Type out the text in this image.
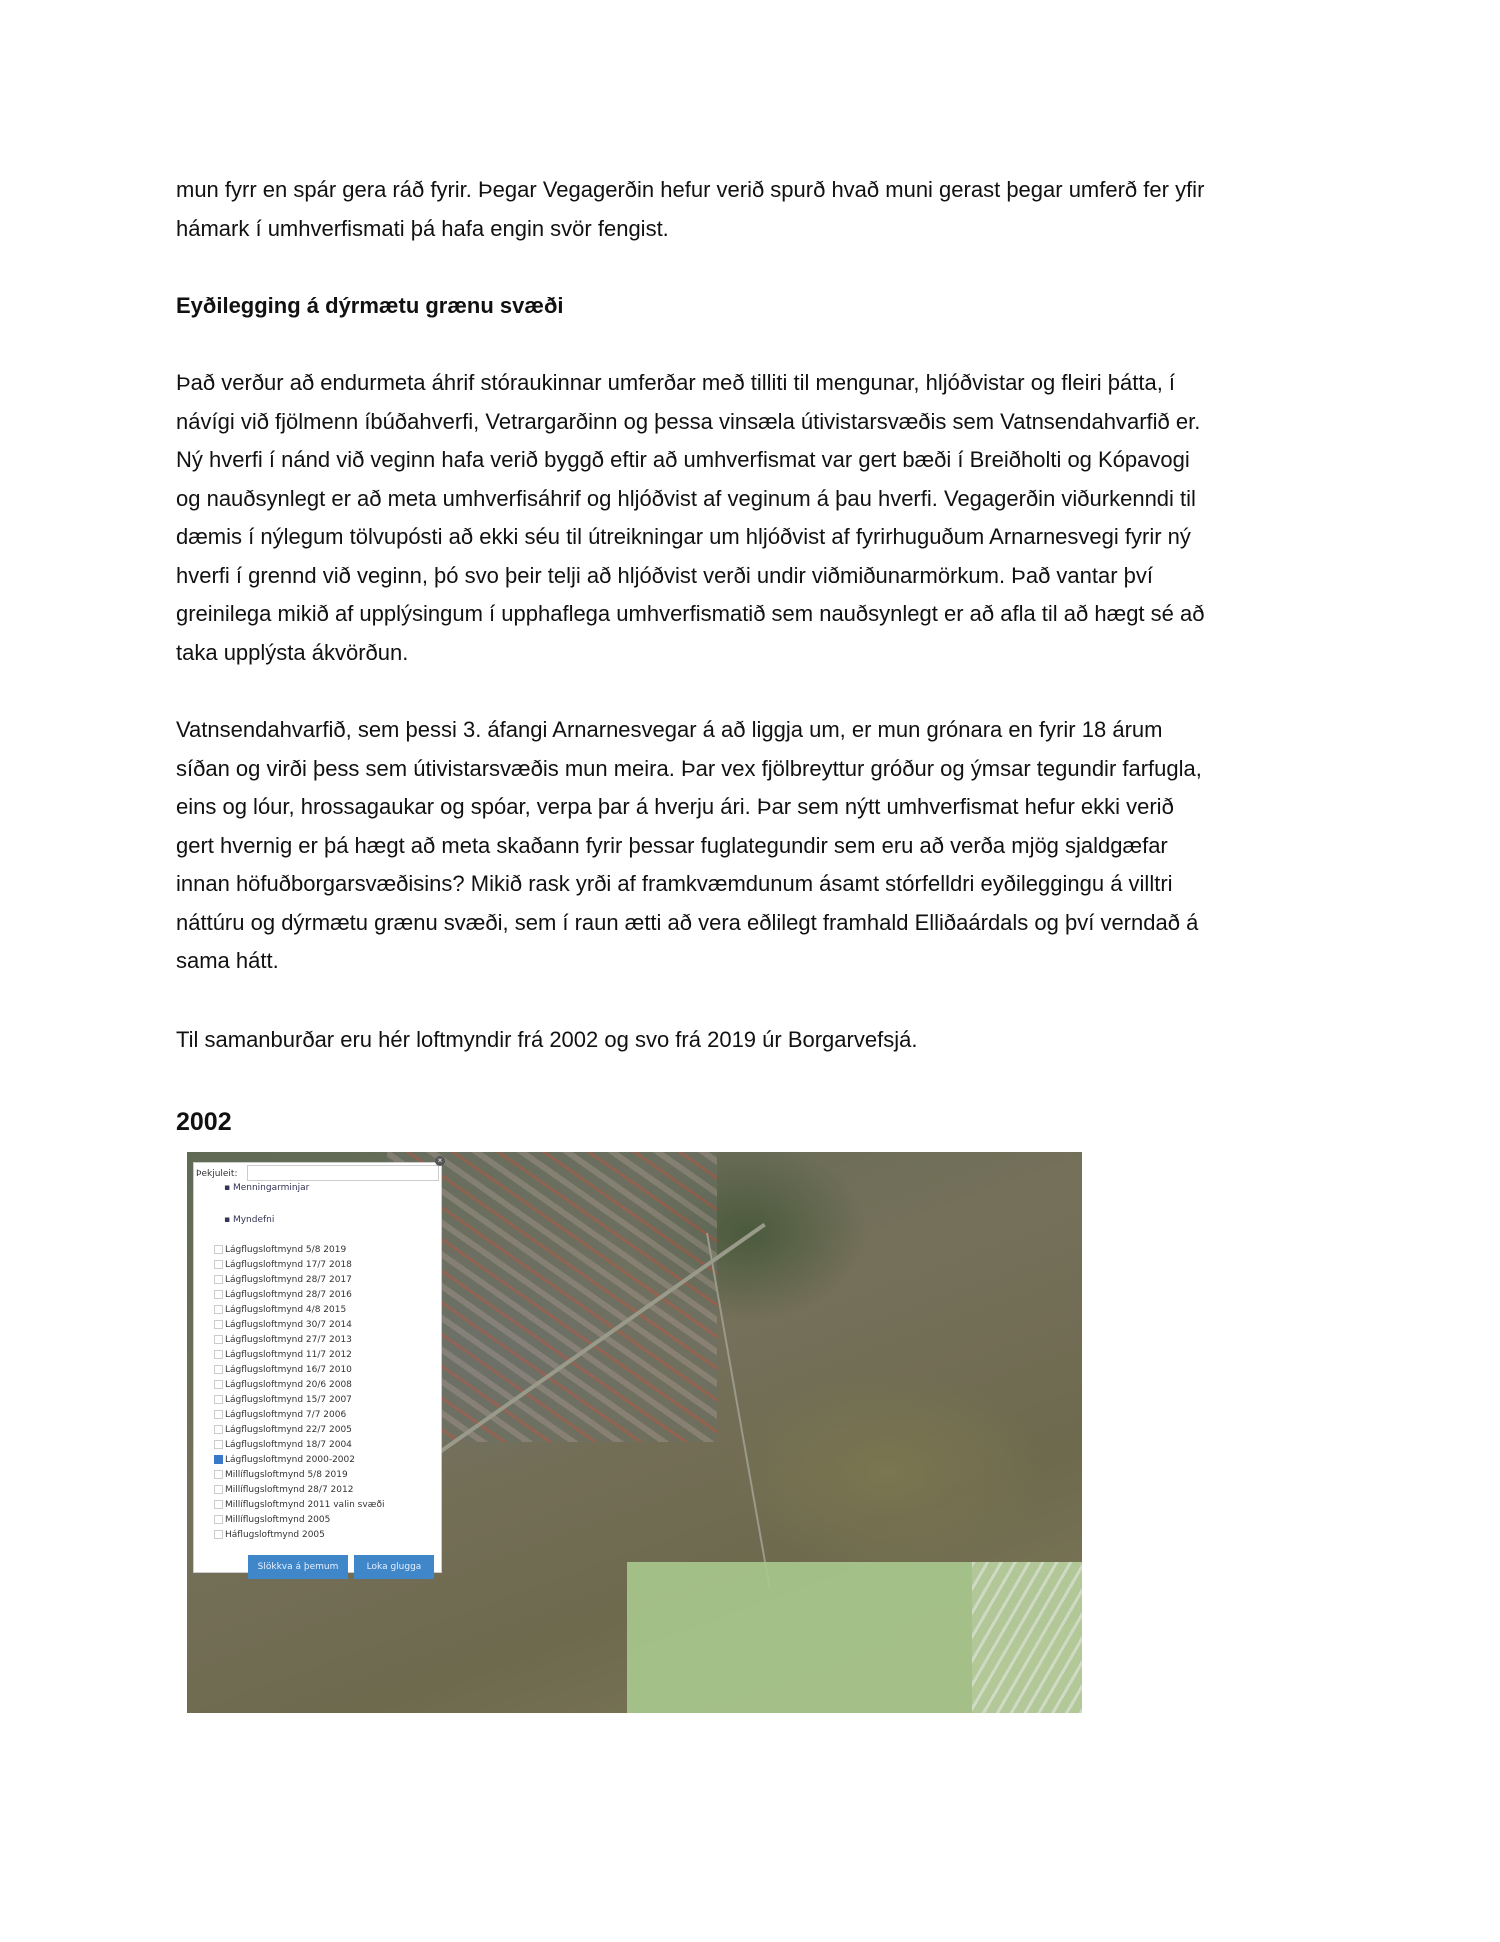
mun fyrr en spár gera ráð fyrir. Þegar Vegagerðin hefur verið spurð hvað muni gerast þegar umferð fer yfir
hámark í umhverfismati þá hafa engin svör fengist.
Eyðilegging á dýrmætu grænu svæði
Það verður að endurmeta áhrif stóraukinnar umferðar með tilliti til mengunar, hljóðvistar og fleiri þátta, í
návígi við fjölmenn íbúðahverfi, Vetrargarðinn og þessa vinsæla útivistarsvæðis sem Vatnsendahvarfið er.
Ný hverfi í nánd við veginn hafa verið byggð eftir að umhverfismat var gert bæði í Breiðholti og Kópavogi
og nauðsynlegt er að meta umhverfisáhrif og hljóðvist af veginum á þau hverfi. Vegagerðin viðurkenndi til
dæmis í nýlegum tölvupósti að ekki séu til útreikningar um hljóðvist af fyrirhuguðum Arnarnesvegi fyrir ný
hverfi í grennd við veginn, þó svo þeir telji að hljóðvist verði undir viðmiðunarmörkum. Það vantar því
greinilega mikið af upplýsingum í upphaflega umhverfismatið sem nauðsynlegt er að afla til að hægt sé að
taka upplýsta ákvörðun.
Vatnsendahvarfið, sem þessi 3. áfangi Arnarnesvegar á að liggja um, er mun grónara en fyrir 18 árum
síðan og virði þess sem útivistarsvæðis mun meira. Þar vex fjölbreyttur gróður og ýmsar tegundir farfugla,
eins og lóur, hrossagaukar og spóar, verpa þar á hverju ári. Þar sem nýtt umhverfismat hefur ekki verið
gert hvernig er þá hægt að meta skaðann fyrir þessar fuglategundir sem eru að verða mjög sjaldgæfar
innan höfuðborgarsvæðisins? Mikið rask yrði af framkvæmdunum ásamt stórfelldri eyðileggingu á villtri
náttúru og dýrmætu grænu svæði, sem í raun ætti að vera eðlilegt framhald Elliðaárdals og því verndað á
sama hátt.
Til samanburðar eru hér loftmyndir frá 2002 og svo frá 2019 úr Borgarvefsjá.
2002
Þekjuleit:
▪ Menningarminjar
▪ Myndefni
Lágflugsloftmynd 5/8 2019
Lágflugsloftmynd 17/7 2018
Lágflugsloftmynd 28/7 2017
Lágflugsloftmynd 28/7 2016
Lágflugsloftmynd 4/8 2015
Lágflugsloftmynd 30/7 2014
Lágflugsloftmynd 27/7 2013
Lágflugsloftmynd 11/7 2012
Lágflugsloftmynd 16/7 2010
Lágflugsloftmynd 20/6 2008
Lágflugsloftmynd 15/7 2007
Lágflugsloftmynd 7/7 2006
Lágflugsloftmynd 22/7 2005
Lágflugsloftmynd 18/7 2004
Lágflugsloftmynd 2000-2002
Millíflugsloftmynd 5/8 2019
Millíflugsloftmynd 28/7 2012
Millíflugsloftmynd 2011 valin svæði
Millíflugsloftmynd 2005
Háflugsloftmynd 2005
Slökkva á þemum	Loka glugga
×
